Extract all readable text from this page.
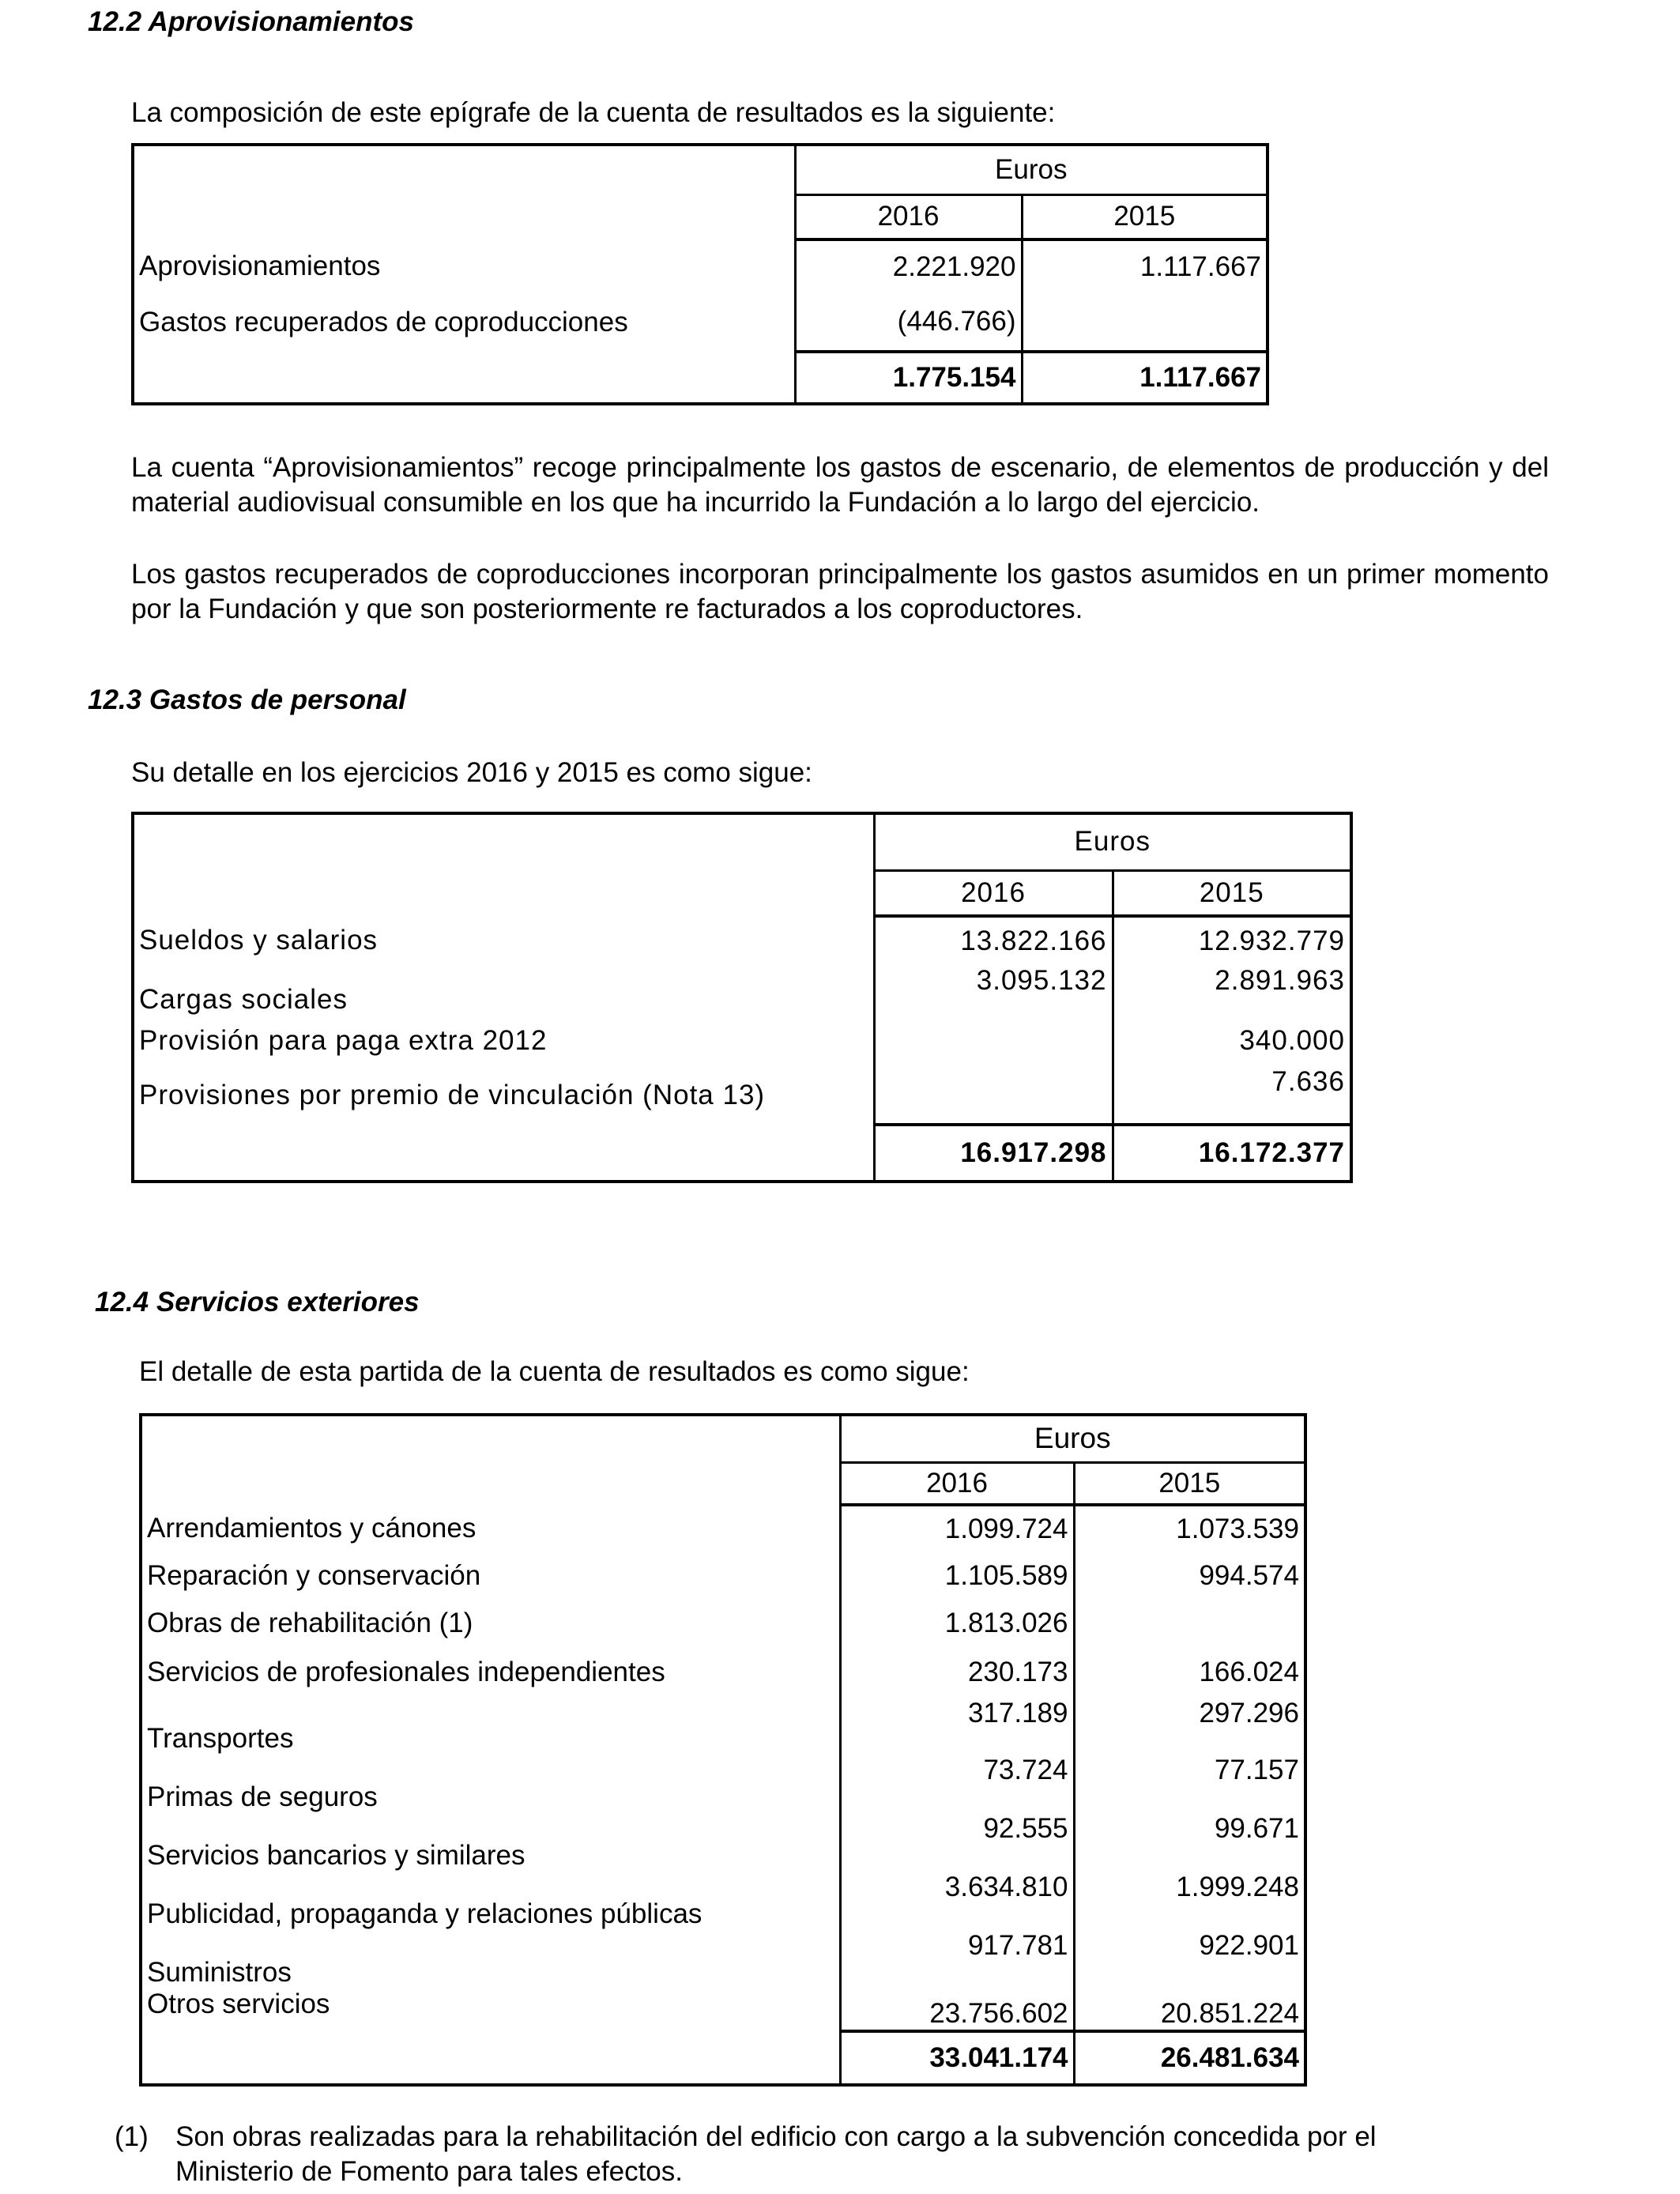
12.2 Aprovisionamientos
La composición de este epígrafe de la cuenta de resultados es la siguiente:
	Euros	
	2016	2015
Aprovisionamientos	2.221.920	1.117.667
Gastos recuperados de coproducciones	(446.766)	
	1.775.154	1.117.667
La cuenta “Aprovisionamientos” recoge principalmente los gastos de escenario, de elementos de producción y del material audiovisual consumible en los que ha incurrido la Fundación a lo largo del ejercicio.
Los gastos recuperados de coproducciones incorporan principalmente los gastos asumidos en un primer momento por la Fundación y que son posteriormente re facturados a los coproductores.
12.3 Gastos de personal
Su detalle en los ejercicios 2016 y 2015 es como sigue:
	Euros	
	2016	2015
Sueldos y salarios	13.822.166	12.932.779
Cargas sociales	3.095.132	2.891.963
Provisión para paga extra 2012		340.000
Provisiones por premio de vinculación (Nota 13)		7.636
	16.917.298	16.172.377
12.4 Servicios exteriores
El detalle de esta partida de la cuenta de resultados es como sigue:
	Euros	
	2016	2015
Arrendamientos y cánones	1.099.724	1.073.539
Reparación y conservación	1.105.589	994.574
Obras de rehabilitación (1)	1.813.026	
Servicios de profesionales independientes	230.173	166.024
Transportes	317.189	297.296
Primas de seguros	73.724	77.157
Servicios bancarios y similares	92.555	99.671
Publicidad, propaganda y relaciones públicas	3.634.810	1.999.248
Suministros	917.781	922.901
Otros servicios	23.756.602	20.851.224
	33.041.174	26.481.634
(1) Son obras realizadas para la rehabilitación del edificio con cargo a la subvención concedida por el Ministerio de Fomento para tales efectos.
